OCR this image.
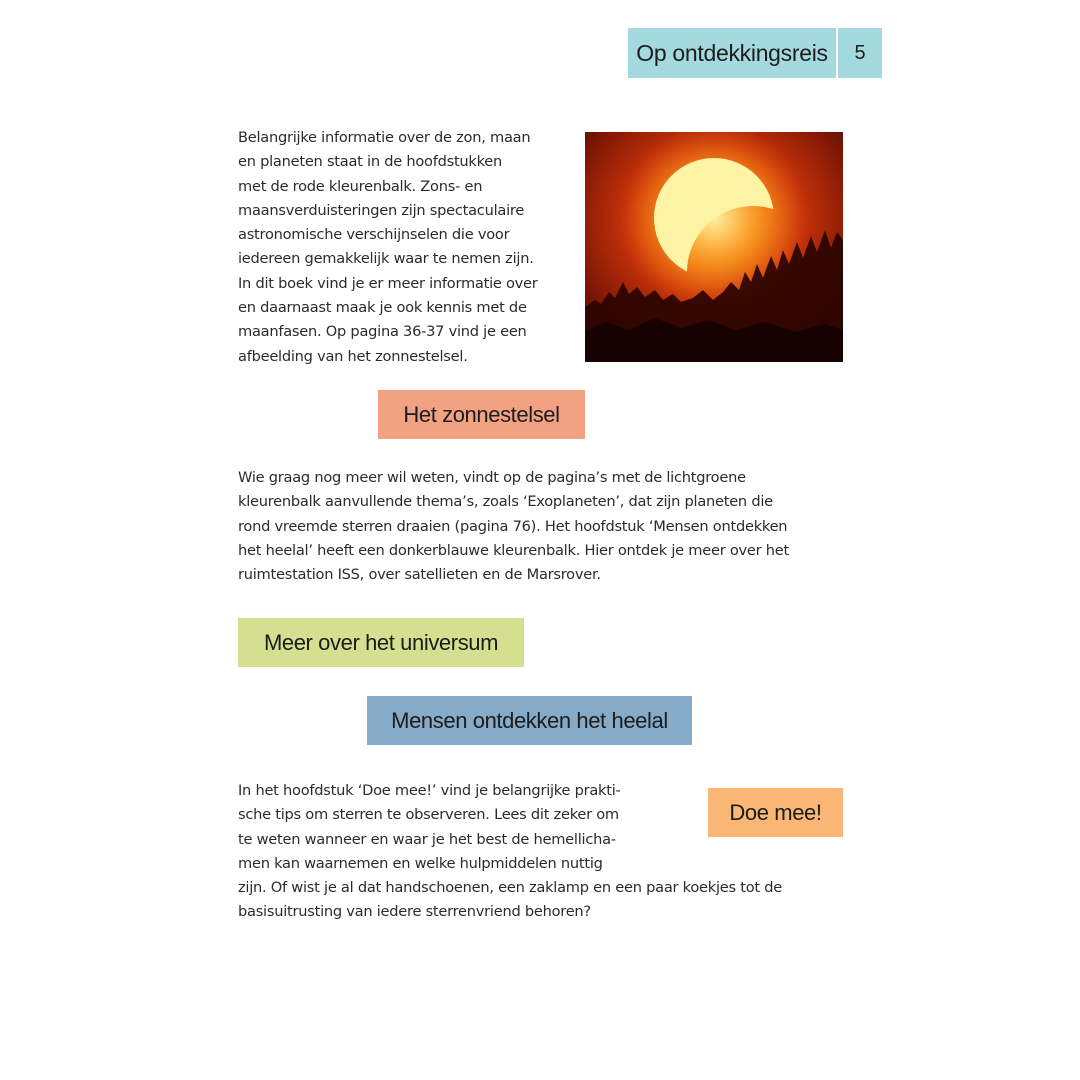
Op ontdekkingsreis	5

Belangrijke informatie over de zon, maan
en planeten staat in de hoofdstukken
met de rode kleurenbalk. Zons- en
maansverduisteringen zijn spectaculaire
astronomische verschijnselen die voor
iedereen gemakkelijk waar te nemen zijn.
In dit boek vind je er meer informatie over
en daarnaast maak je ook kennis met de
maanfasen. Op pagina 36-37 vind je een
afbeelding van het zonnestelsel.

Het zonnestelsel

Wie graag nog meer wil weten, vindt op de pagina’s met de lichtgroene
kleurenbalk aanvullende thema’s, zoals ‘Exoplaneten’, dat zijn planeten die
rond vreemde sterren draaien (pagina 76). Het hoofdstuk ‘Mensen ontdekken
het heelal’ heeft een donkerblauwe kleurenbalk. Hier ontdek je meer over het
ruimtestation ISS, over satellieten en de Marsrover.

Meer over het universum
Mensen ontdekken het heelal

In het hoofdstuk ‘Doe mee!’ vind je belangrijke prakti-
sche tips om sterren te observeren. Lees dit zeker om
te weten wanneer en waar je het best de hemellicha-
men kan waarnemen en welke hulpmiddelen nuttig
zijn. Of wist je al dat handschoenen, een zaklamp en een paar koekjes tot de
basisuitrusting van iedere sterrenvriend behoren?

Doe mee!
